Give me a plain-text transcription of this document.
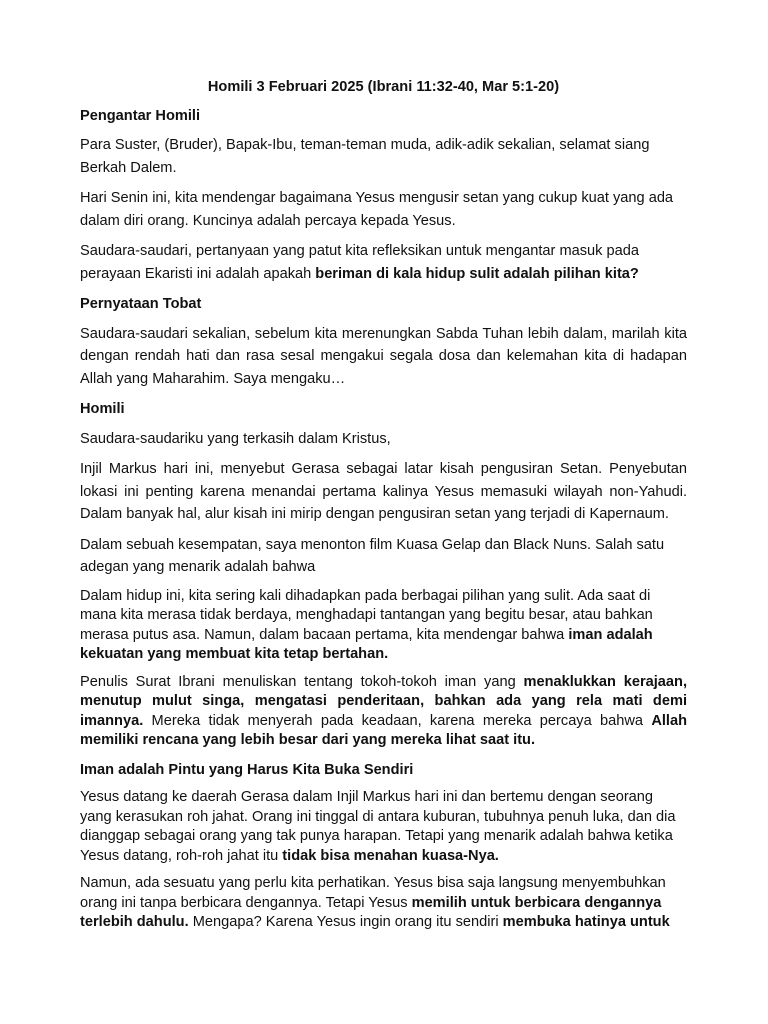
Homili 3 Februari 2025 (Ibrani 11:32-40, Mar 5:1-20)
Pengantar Homili

Para Suster, (Bruder), Bapak-Ibu, teman-teman muda, adik-adik sekalian, selamat siang Berkah Dalem.

Hari Senin ini, kita mendengar bagaimana Yesus mengusir setan yang cukup kuat yang ada dalam diri orang. Kuncinya adalah percaya kepada Yesus.

Saudara-saudari, pertanyaan yang patut kita refleksikan untuk mengantar masuk pada perayaan Ekaristi ini adalah apakah beriman di kala hidup sulit adalah pilihan kita?

Pernyataan Tobat

Saudara-saudari sekalian, sebelum kita merenungkan Sabda Tuhan lebih dalam, marilah kita dengan rendah hati dan rasa sesal mengakui segala dosa dan kelemahan kita di hadapan Allah yang Maharahim. Saya mengaku…

Homili

Saudara-saudariku yang terkasih dalam Kristus,

Injil Markus hari ini, menyebut Gerasa sebagai latar kisah pengusiran Setan. Penyebutan lokasi ini penting karena menandai pertama kalinya Yesus memasuki wilayah non-Yahudi. Dalam banyak hal, alur kisah ini mirip dengan pengusiran setan yang terjadi di Kapernaum.

Dalam sebuah kesempatan, saya menonton film Kuasa Gelap dan Black Nuns. Salah satu adegan yang menarik adalah bahwa

Dalam hidup ini, kita sering kali dihadapkan pada berbagai pilihan yang sulit. Ada saat di mana kita merasa tidak berdaya, menghadapi tantangan yang begitu besar, atau bahkan merasa putus asa. Namun, dalam bacaan pertama, kita mendengar bahwa iman adalah kekuatan yang membuat kita tetap bertahan.

Penulis Surat Ibrani menuliskan tentang tokoh-tokoh iman yang menaklukkan kerajaan, menutup mulut singa, mengatasi penderitaan, bahkan ada yang rela mati demi imannya. Mereka tidak menyerah pada keadaan, karena mereka percaya bahwa Allah memiliki rencana yang lebih besar dari yang mereka lihat saat itu.

Iman adalah Pintu yang Harus Kita Buka Sendiri

Yesus datang ke daerah Gerasa dalam Injil Markus hari ini dan bertemu dengan seorang yang kerasukan roh jahat. Orang ini tinggal di antara kuburan, tubuhnya penuh luka, dan dia dianggap sebagai orang yang tak punya harapan. Tetapi yang menarik adalah bahwa ketika Yesus datang, roh-roh jahat itu tidak bisa menahan kuasa-Nya.

Namun, ada sesuatu yang perlu kita perhatikan. Yesus bisa saja langsung menyembuhkan orang ini tanpa berbicara dengannya. Tetapi Yesus memilih untuk berbicara dengannya terlebih dahulu. Mengapa? Karena Yesus ingin orang itu sendiri membuka hatinya untuk
